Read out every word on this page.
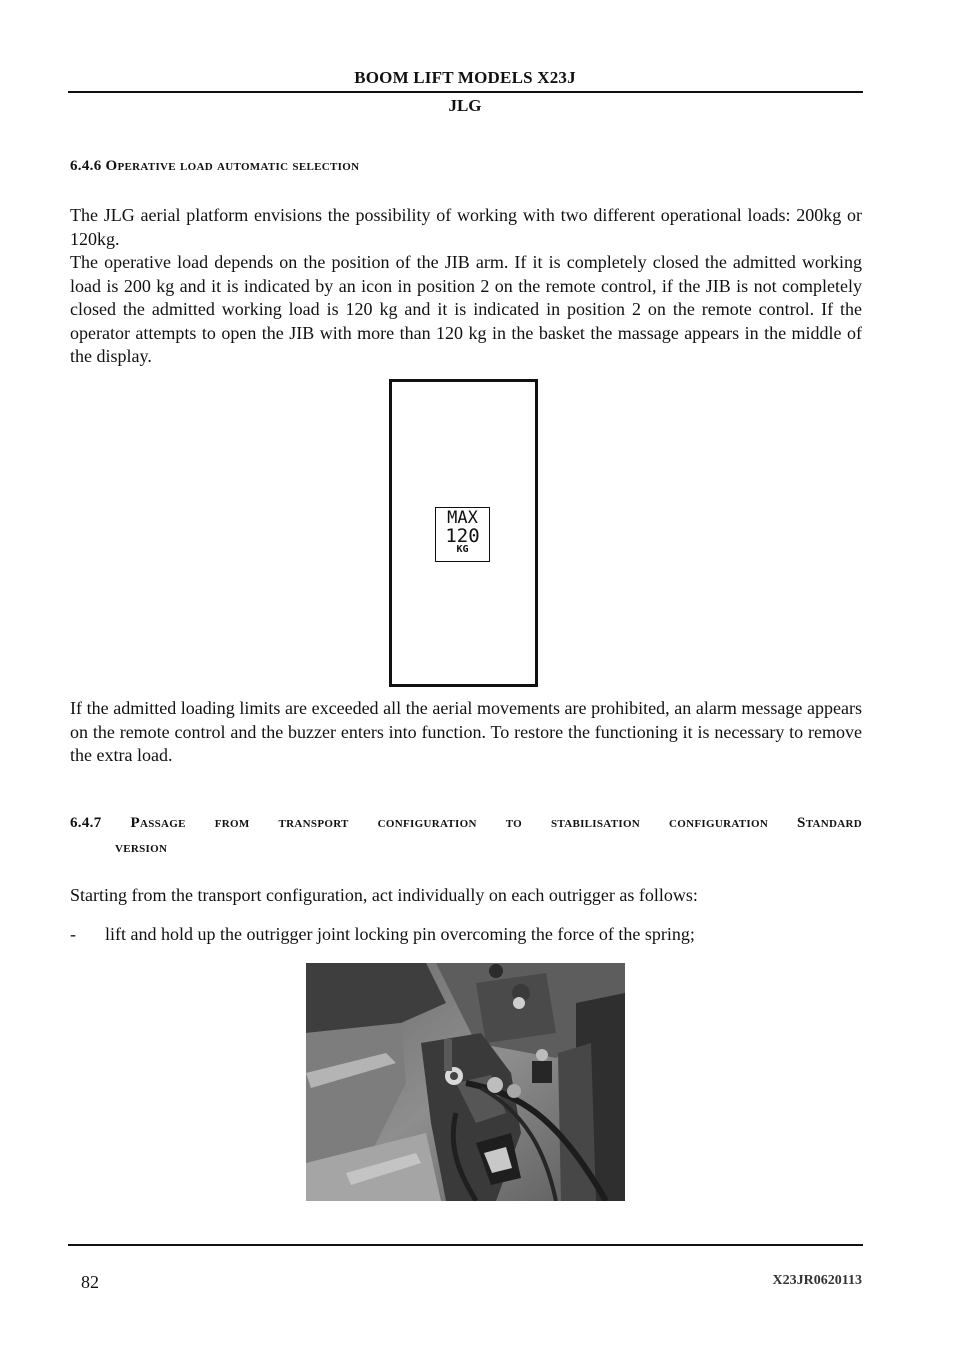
BOOM LIFT MODELS X23J
JLG
6.4.6 Operative load automatic selection
The JLG aerial platform envisions the possibility of working with two different operational loads: 200kg or 120kg.
The operative load depends on the position of the JIB arm. If it is completely closed the admitted working load is 200 kg and it is indicated by an icon in position 2 on the remote control, if the JIB is not completely closed the admitted working load is 120 kg and it is indicated in position 2 on the remote control. If the operator attempts to open the JIB with more than 120 kg in the basket the massage appears in the middle of the display.
MAX
120
KG
If the admitted loading limits are exceeded all the aerial movements are prohibited, an alarm message appears on the remote control and the buzzer enters into function. To restore the functioning it is necessary to remove the extra load.
6.4.7 Passage from transport configuration to stabilisation configuration Standard
version
Starting from the transport configuration, act individually on each outrigger as follows:
- lift and hold up the outrigger joint locking pin overcoming the force of the spring;
82	X23JR0620113
